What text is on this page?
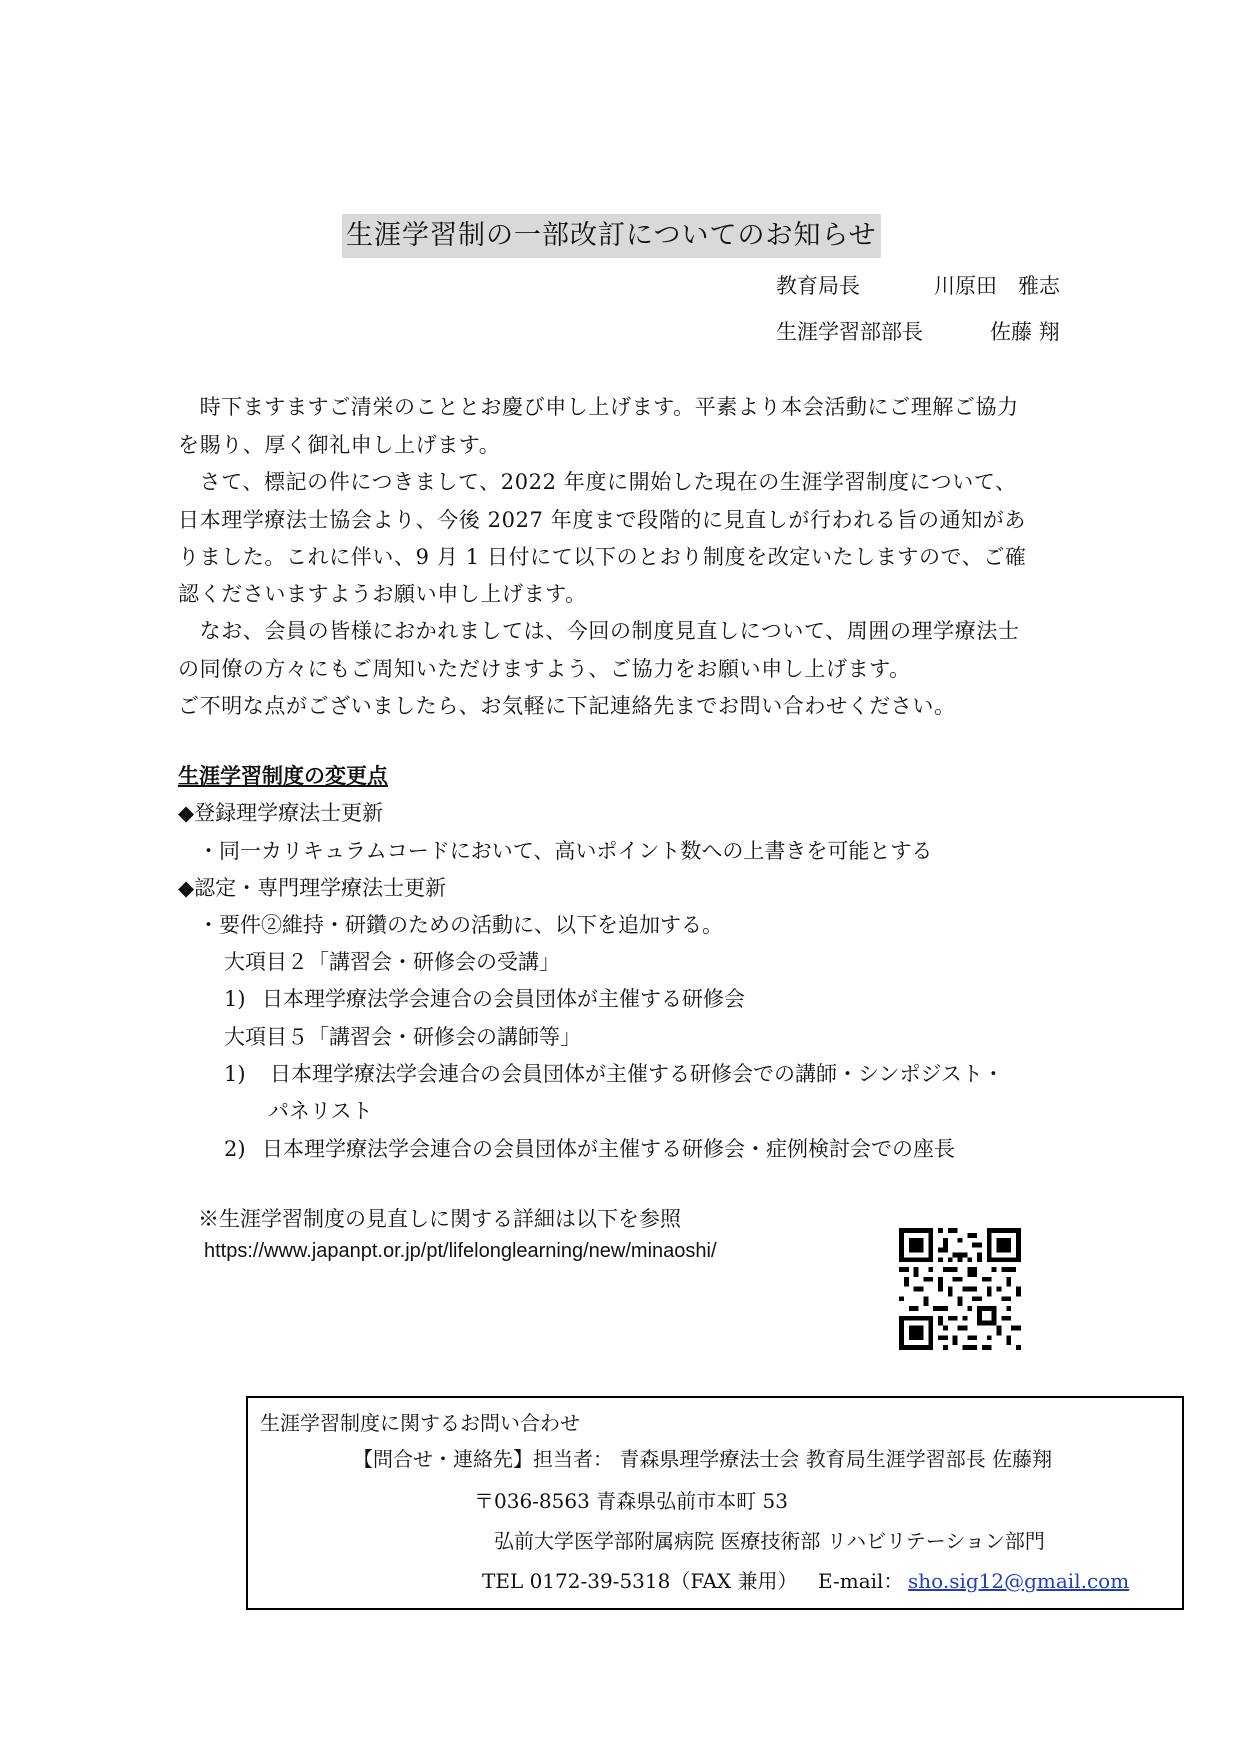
生涯学習制の一部改訂についてのお知らせ
教育局長	川原田　雅志
生涯学習部部長	佐藤 翔
　時下ますますご清栄のこととお慶び申し上げます。平素より本会活動にご理解ご協力
を賜り、厚く御礼申し上げます。
　さて、標記の件につきまして、2022 年度に開始した現在の生涯学習制度について、
日本理学療法士協会より、今後 2027 年度まで段階的に見直しが行われる旨の通知があ
りました。これに伴い、9 月 1 日付にて以下のとおり制度を改定いたしますので、ご確
認くださいますようお願い申し上げます。
　なお、会員の皆様におかれましては、今回の制度見直しについて、周囲の理学療法士
の同僚の方々にもご周知いただけますよう、ご協力をお願い申し上げます。
ご不明な点がございましたら、お気軽に下記連絡先までお問い合わせください。
生涯学習制度の変更点
◆登録理学療法士更新
・同一カリキュラムコードにおいて、高いポイント数への上書きを可能とする
◆認定・専門理学療法士更新
・要件②維持・研鑽のための活動に、以下を追加する。
大項目２「講習会・研修会の受講」
1) 日本理学療法学会連合の会員団体が主催する研修会
大項目５「講習会・研修会の講師等」
1) 日本理学療法学会連合の会員団体が主催する研修会での講師・シンポジスト・
パネリスト
2) 日本理学療法学会連合の会員団体が主催する研修会・症例検討会での座長
※生涯学習制度の見直しに関する詳細は以下を参照
https://www.japanpt.or.jp/pt/lifelonglearning/new/minaoshi/
生涯学習制度に関するお問い合わせ
【問合せ・連絡先】担当者： 青森県理学療法士会 教育局生涯学習部長 佐藤翔
〒036-8563 青森県弘前市本町 53
弘前大学医学部附属病院 医療技術部 リハビリテーション部門
TEL 0172-39-5318（FAX 兼用） E-mail： sho.sig12@gmail.com
